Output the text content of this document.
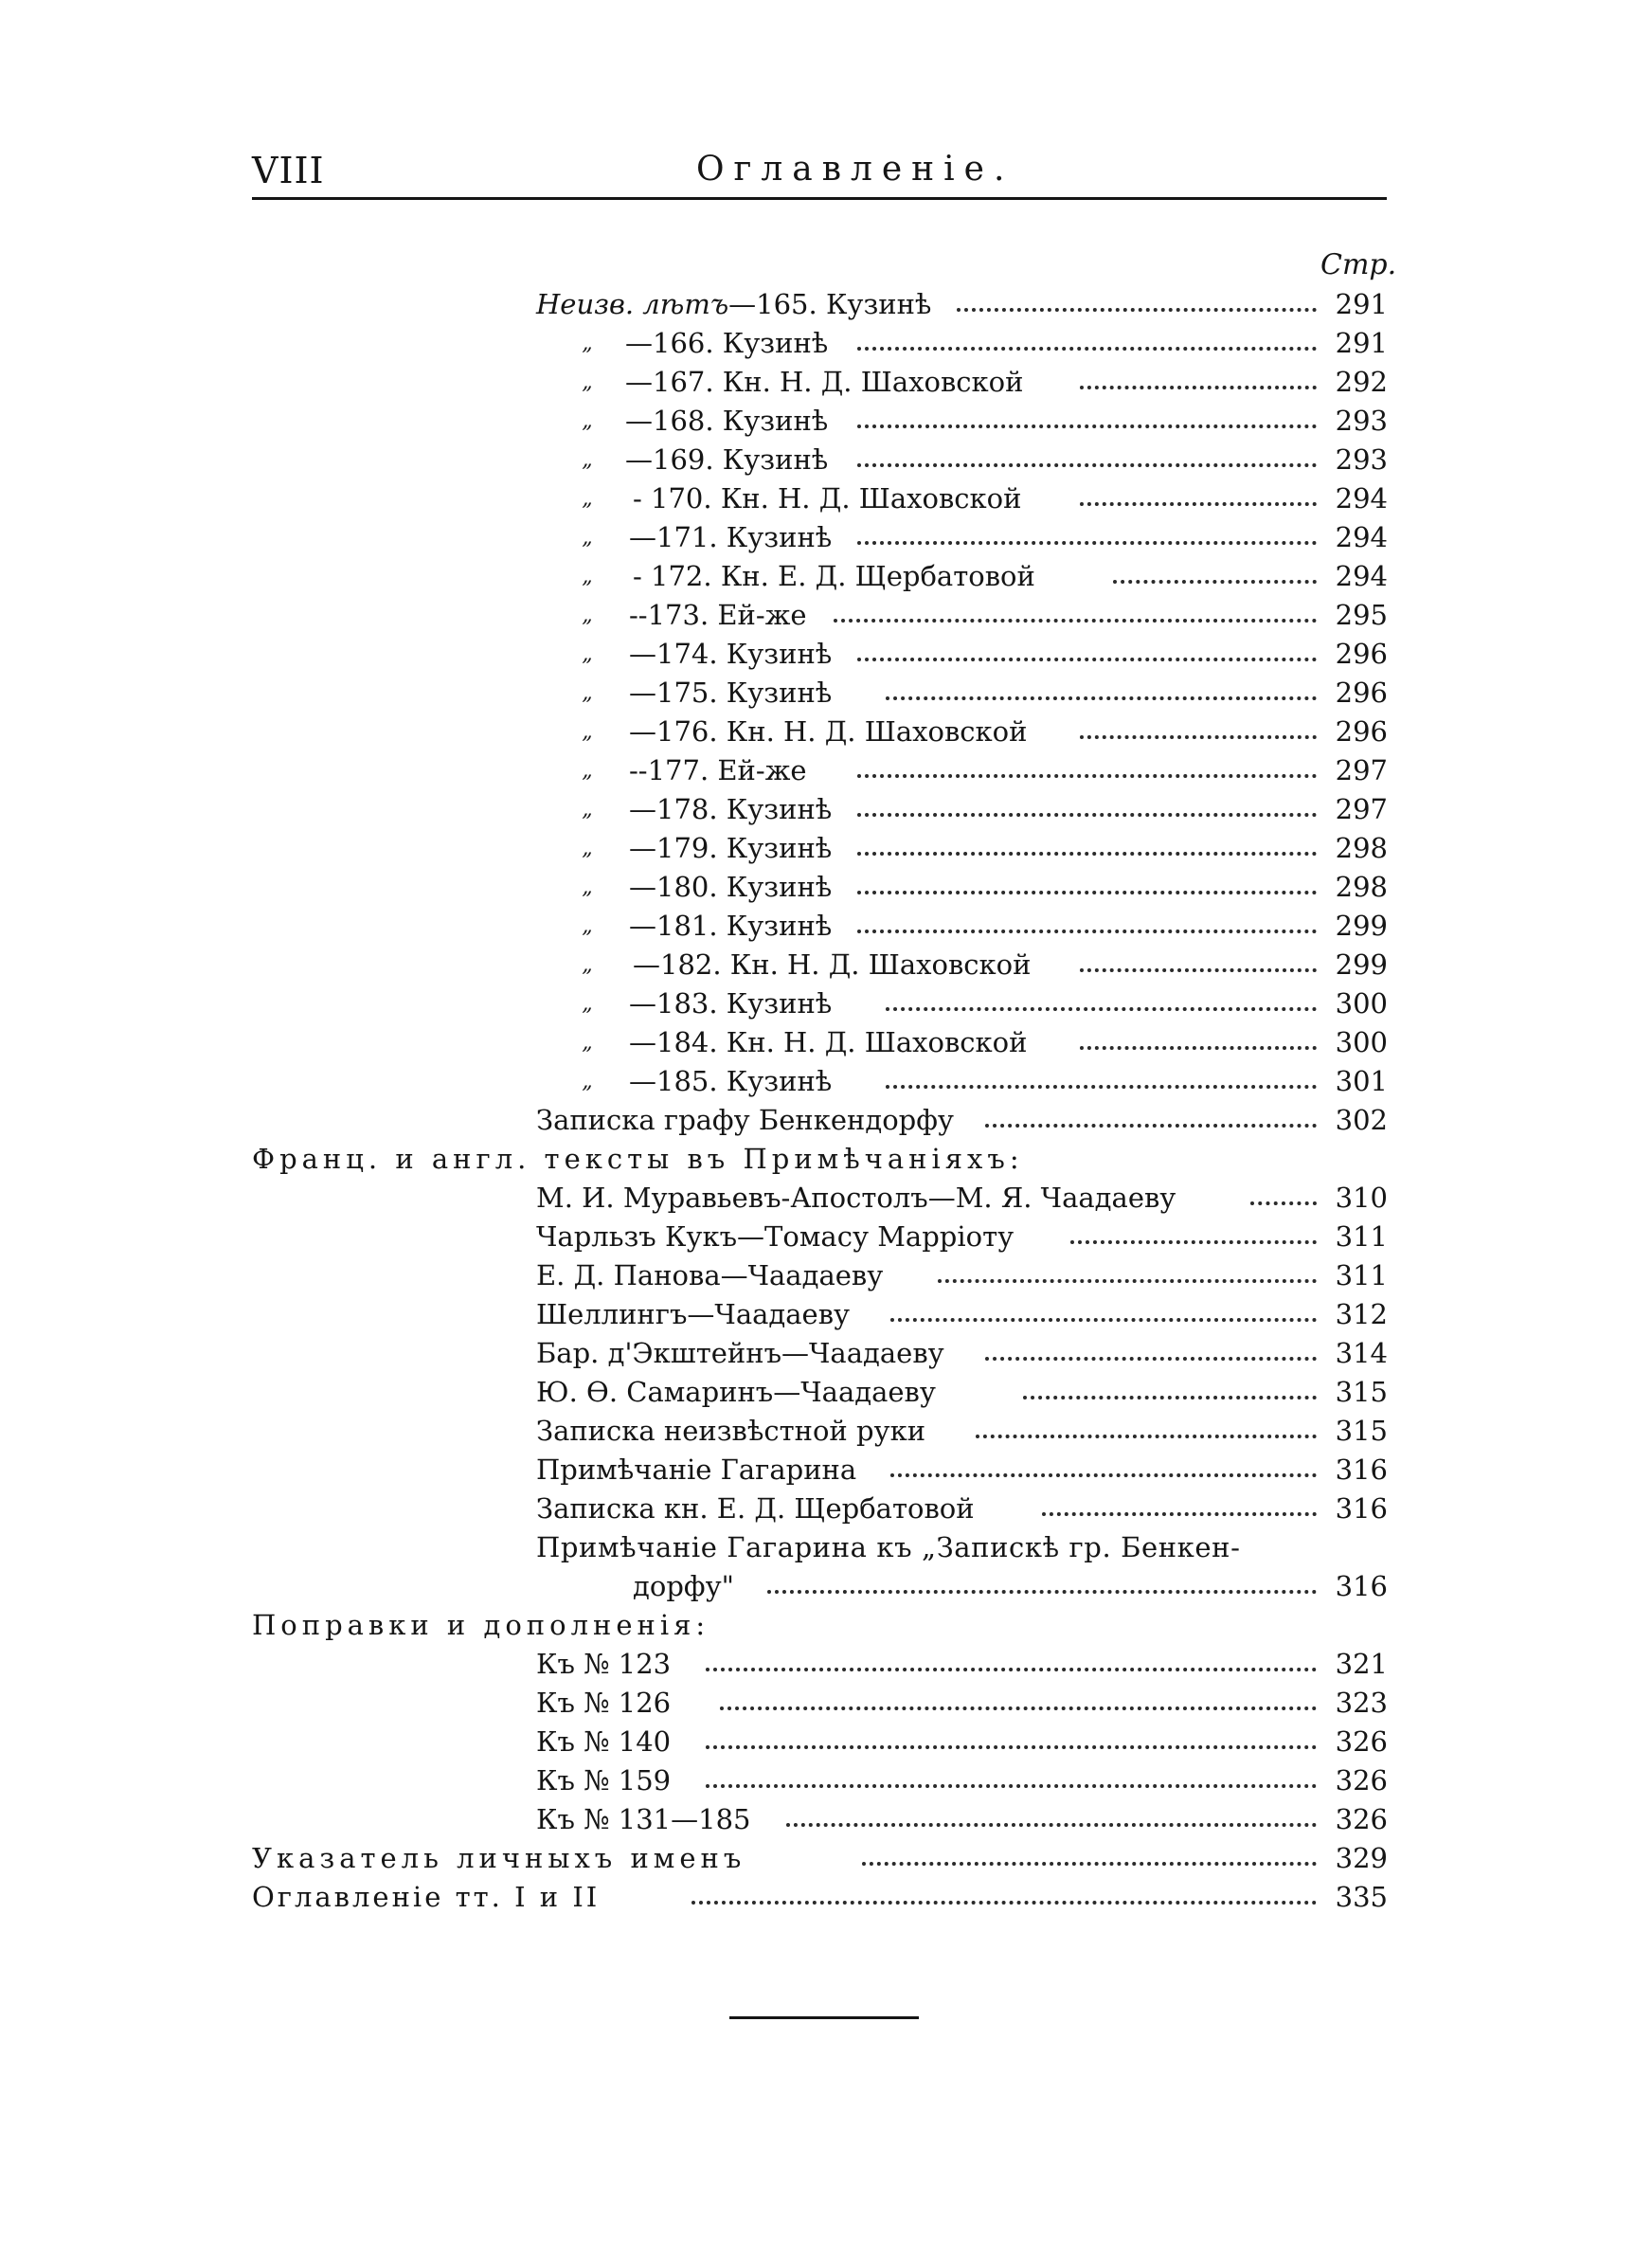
VIII	Оглавленіе.
Стр.
Неизв. лѣтъ—165. Кузинѣ	291
„ —166. Кузинѣ	291
„ —167. Кн. Н. Д. Шаховской	292
„ —168. Кузинѣ	293
„ —169. Кузинѣ	293
„ - 170. Кн. Н. Д. Шаховской	294
„ —171. Кузинѣ	294
„ - 172. Кн. Е. Д. Щербатовой	294
„ --173. Ей-же	295
„ —174. Кузинѣ	296
„ —175. Кузинѣ	296
„ —176. Кн. Н. Д. Шаховской	296
„ --177. Ей-же	297
„ —178. Кузинѣ	297
„ —179. Кузинѣ	298
„ —180. Кузинѣ	298
„ —181. Кузинѣ	299
„ —182. Кн. Н. Д. Шаховской	299
„ —183. Кузинѣ	300
„ —184. Кн. Н. Д. Шаховской	300
„ —185. Кузинѣ	301
Записка графу Бенкендорфу	302
Франц. и англ. тексты въ Примѣчаніяхъ:
М. И. Муравьевъ-Апостолъ—М. Я. Чаадаеву	310
Чарльзъ Кукъ—Томасу Марріоту	311
Е. Д. Панова—Чаадаеву	311
Шеллингъ—Чаадаеву	312
Бар. д'Экштейнъ—Чаадаеву	314
Ю. Ѳ. Самаринъ—Чаадаеву	315
Записка неизвѣстной руки	315
Примѣчаніе Гагарина	316
Записка кн. Е. Д. Щербатовой	316
Примѣчаніе Гагарина къ „Запискѣ гр. Бенкен-
дорфу"	316
Поправки и дополненія:
Къ № 123	321
Къ № 126	323
Къ № 140	326
Къ № 159	326
Къ № 131—185	326
Указатель личныхъ именъ	329
Оглавленіе тт. I и II	335
